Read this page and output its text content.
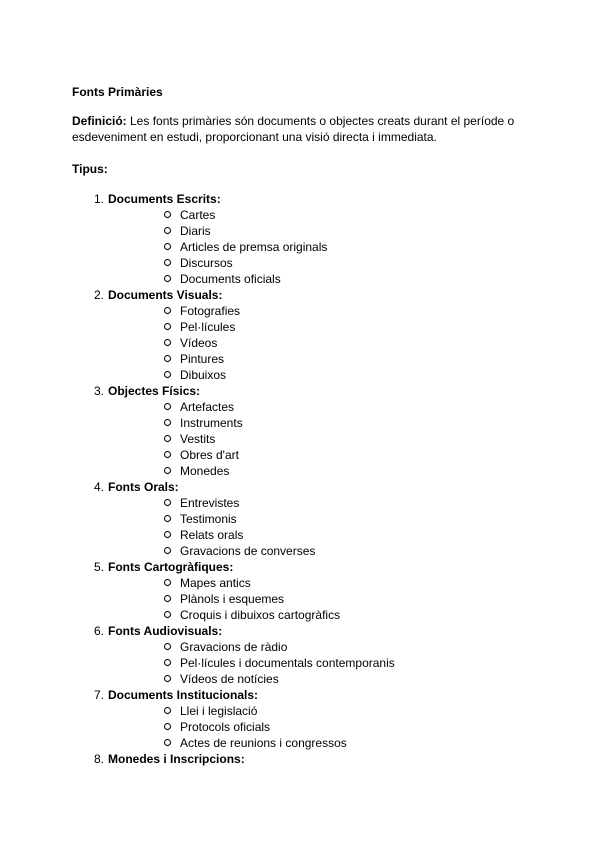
Fonts Primàries
Definició: Les fonts primàries són documents o objectes creats durant el període o esdeveniment en estudi, proporcionant una visió directa i immediata.
Tipus:
1. Documents Escrits:
Cartes
Diaris
Articles de premsa originals
Discursos
Documents oficials
2. Documents Visuals:
Fotografies
Pel·lícules
Vídeos
Pintures
Dibuixos
3. Objectes Físics:
Artefactes
Instruments
Vestits
Obres d'art
Monedes
4. Fonts Orals:
Entrevistes
Testimonis
Relats orals
Gravacions de converses
5. Fonts Cartogràfiques:
Mapes antics
Plànols i esquemes
Croquis i dibuixos cartogràfics
6. Fonts Audiovisuals:
Gravacions de ràdio
Pel·lícules i documentals contemporanis
Vídeos de notícies
7. Documents Institucionals:
Llei i legislació
Protocols oficials
Actes de reunions i congressos
8. Monedes i Inscripcions:
